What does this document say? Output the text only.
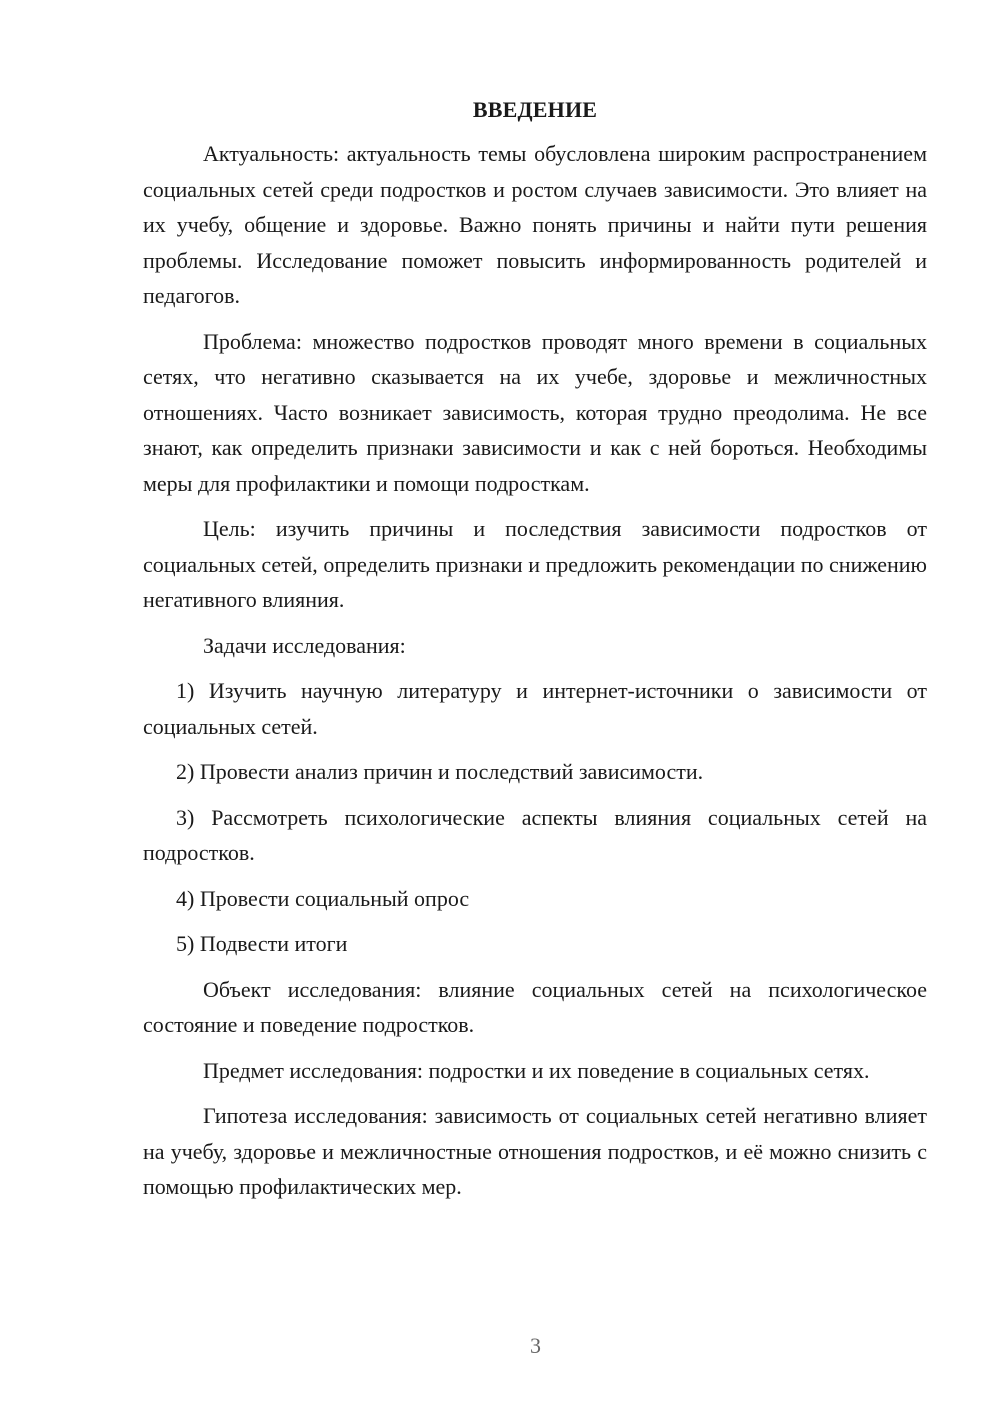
ВВЕДЕНИЕ

Актуальность: актуальность темы обусловлена широким распространением социальных сетей среди подростков и ростом случаев зависимости. Это влияет на их учебу, общение и здоровье. Важно понять причины и найти пути решения проблемы. Исследование поможет повысить информированность родителей и педагогов.

Проблема: множество подростков проводят много времени в социальных сетях, что негативно сказывается на их учебе, здоровье и межличностных отношениях. Часто возникает зависимость, которая трудно преодолима. Не все знают, как определить признаки зависимости и как с ней бороться. Необходимы меры для профилактики и помощи подросткам.

Цель: изучить причины и последствия зависимости подростков от социальных сетей, определить признаки и предложить рекомендации по снижению негативного влияния.

Задачи исследования:

1) Изучить научную литературу и интернет-источники о зависимости от социальных сетей.

2) Провести анализ причин и последствий зависимости.

3) Рассмотреть психологические аспекты влияния социальных сетей на подростков.

4) Провести социальный опрос

5) Подвести итоги

Объект исследования: влияние социальных сетей на психологическое состояние и поведение подростков.

Предмет исследования: подростки и их поведение в социальных сетях.

Гипотеза исследования: зависимость от социальных сетей негативно влияет на учебу, здоровье и межличностные отношения подростков, и её можно снизить с помощью профилактических мер.

3
